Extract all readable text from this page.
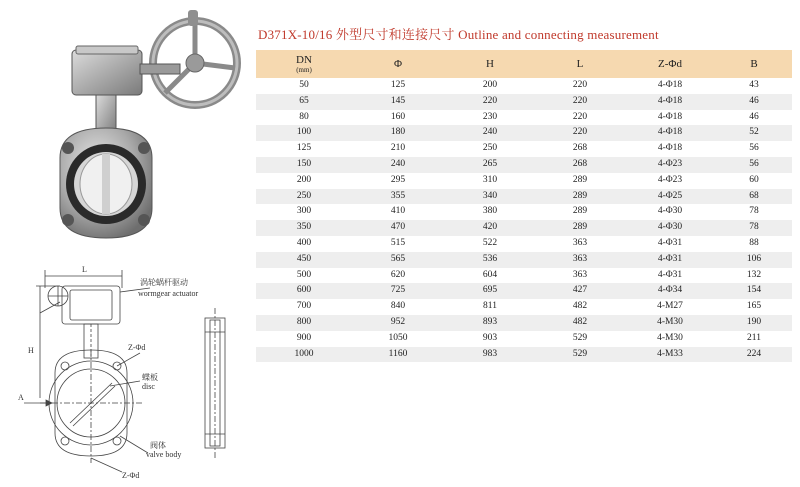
L
涡轮蜗杆驱动
wormgear actuator
H
A
Z-Φd
Z-Φd
蝶板
disc
阀体
valve body
D371X-10/16 外型尺寸和连接尺寸 Outline and connecting measurement
DN
(mm)	Φ	H	L	Z-Φd	B

50	125	200	220	4-Φ18	43
65	145	220	220	4-Φ18	46
80	160	230	220	4-Φ18	46
100	180	240	220	4-Φ18	52
125	210	250	268	4-Φ18	56
150	240	265	268	4-Φ23	56
200	295	310	289	4-Φ23	60
250	355	340	289	4-Φ25	68
300	410	380	289	4-Φ30	78
350	470	420	289	4-Φ30	78
400	515	522	363	4-Φ31	88
450	565	536	363	4-Φ31	106
500	620	604	363	4-Φ31	132
600	725	695	427	4-Φ34	154
700	840	811	482	4-M27	165
800	952	893	482	4-M30	190
900	1050	903	529	4-M30	211
1000	1160	983	529	4-M33	224
